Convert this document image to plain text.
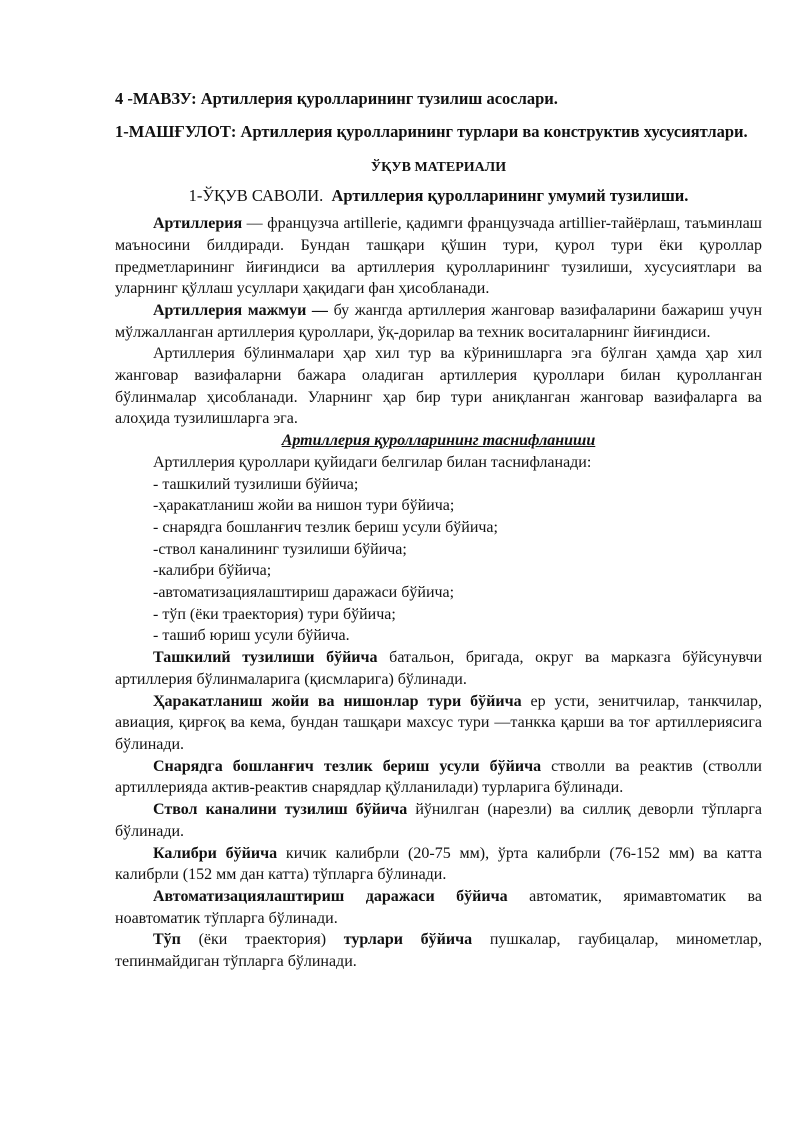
4 -МАВЗУ: Артиллерия қуролларининг тузилиш асослари.

1-МАШҒУЛОТ: Артиллерия қуролларининг турлари ва конструктив хусусиятлари.

ЎҚУВ МАТЕРИАЛИ

1-ЎҚУВ САВОЛИ. Артиллерия қуролларининг умумий тузилиши.

Артиллерия — французча artillerie, қадимги французчада artillier-тайёрлаш, таъминлаш маъносини билдиради. Бундан ташқари қўшин тури, қурол тури ёки қуроллар предметларининг йиғиндиси ва артиллерия қуролларининг тузилиши, хусусиятлари ва уларнинг қўллаш усуллари ҳақидаги фан ҳисобланади.

Артиллерия мажмуи — бу жангда артиллерия жанговар вазифаларини бажариш учун мўлжалланган артиллерия қуроллари, ўқ-дорилар ва техник воситаларнинг йиғиндиси.

Артиллерия бўлинмалари ҳар хил тур ва кўринишларга эга бўлган ҳамда ҳар хил жанговар вазифаларни бажара оладиган артиллерия қуроллари билан қуролланган бўлинмалар ҳисобланади. Уларнинг ҳар бир тури аниқланган жанговар вазифаларга ва алоҳида тузилишларга эга.

Артиллерия қуролларининг таснифланиши

Артиллерия қуроллари қуйидаги белгилар билан таснифланади:

- ташкилий тузилиши бўйича;

-ҳаракатланиш жойи ва нишон тури бўйича;

- снарядга бошланғич тезлик бериш усули бўйича;

-ствол каналининг тузилиши бўйича;

-калибри бўйича;

-автоматизациялаштириш даражаси бўйича;

- тўп (ёки траектория) тури бўйича;

- ташиб юриш усули бўйича.

Ташкилий тузилиши бўйича батальон, бригада, округ ва марказга бўйсунувчи артиллерия бўлинмаларига (қисмларига) бўлинади.

Ҳаракатланиш жойи ва нишонлар тури бўйича ер усти, зенитчилар, танкчилар, авиация, қирғоқ ва кема, бундан ташқари махсус тури —танкка қарши ва тоғ артиллериясига бўлинади.

Снарядга бошланғич тезлик бериш усули бўйича стволли ва реактив (стволли артиллерияда актив-реактив снарядлар қўлланилади) турларига бўлинади.

Ствол каналини тузилиш бўйича йўнилган (нарезли) ва силлиқ деворли тўпларга бўлинади.

Калибри бўйича кичик калибрли (20-75 мм), ўрта калибрли (76-152 мм) ва катта калибрли (152 мм дан катта) тўпларга бўлинади.

Автоматизациялаштириш даражаси бўйича автоматик, яримавтоматик ва ноавтоматик тўпларга бўлинади.

Тўп (ёки траектория) турлари бўйича пушкалар, гаубицалар, минометлар, тепинмайдиган тўпларга бўлинади.
